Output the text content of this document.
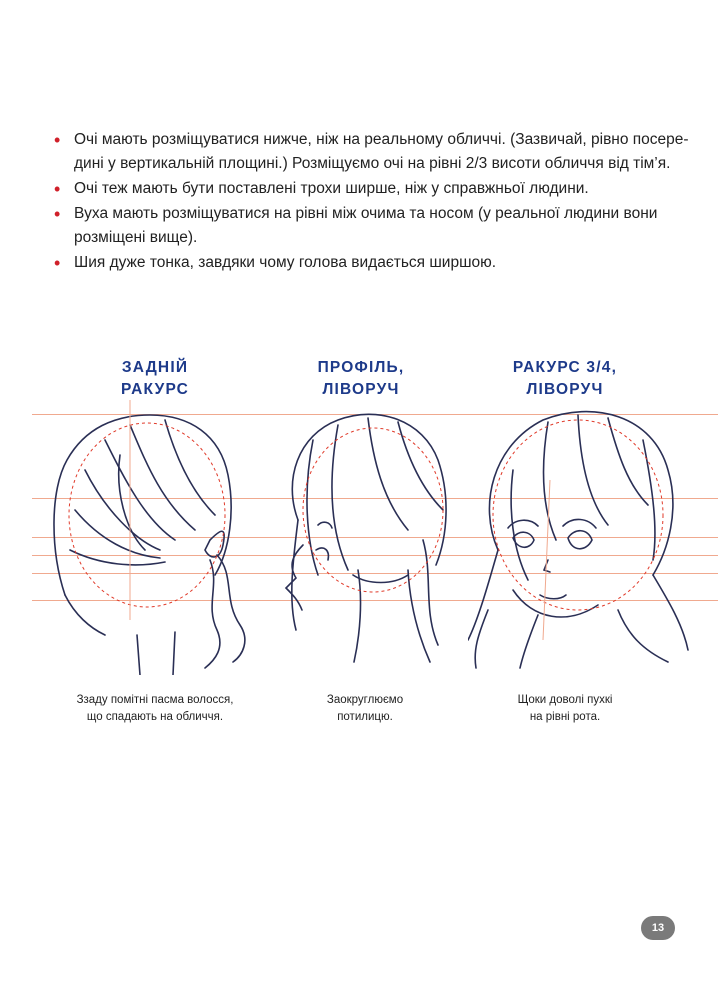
• Очі мають розміщуватися нижче, ніж на реальному обличчі. (Зазвичай, рівно посере-дині у вертикальній площині.) Розміщуємо очі на рівні 2/3 висоти обличчя від тім’я.
• Очі теж мають бути поставлені трохи ширше, ніж у справжньої людини.
• Вуха мають розміщуватися на рівні між очима та носом (у реальної людини вони розміщені вище).
• Шия дуже тонка, завдяки чому голова видається ширшою.
ЗАДНІЙ
РАКУРС
ПРОФІЛЬ,
ЛІВОРУЧ
РАКУРС 3/4,
ЛІВОРУЧ
Ззаду помітні пасма волосся,
що спадають на обличчя.
Заокруглюємо
потилицю.
Щоки доволі пухкі
на рівні рота.
13
